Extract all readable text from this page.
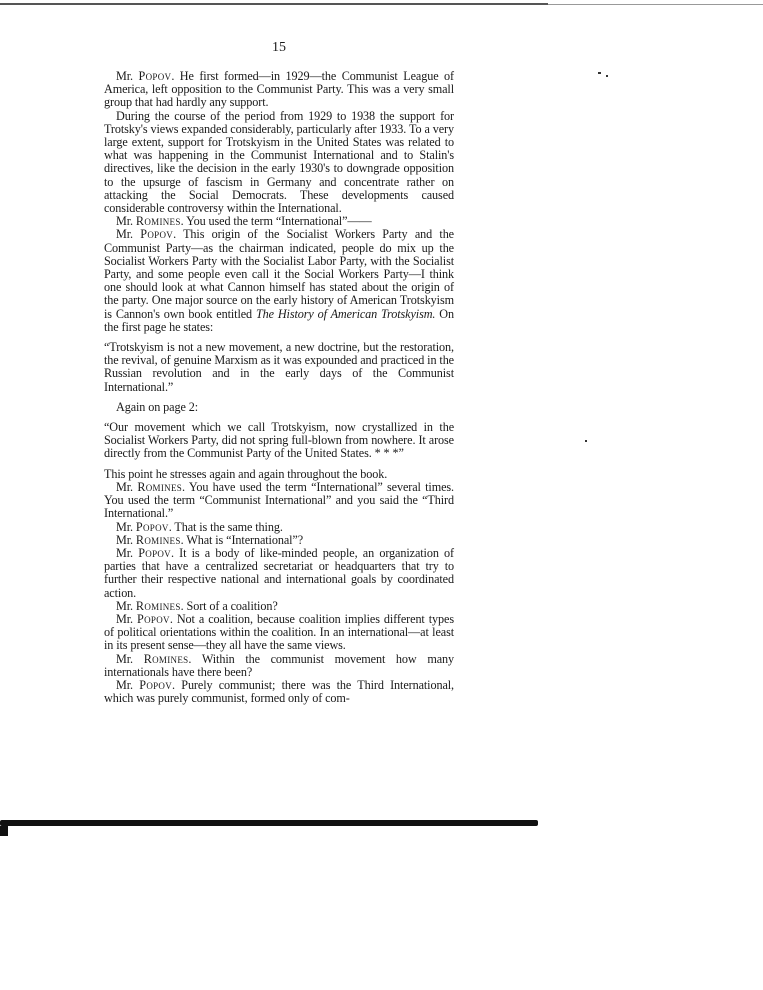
15

Mr. Popov. He first formed—in 1929—the Communist League of America, left opposition to the Communist Party. This was a very small group that had hardly any support.

During the course of the period from 1929 to 1938 the support for Trotsky's views expanded considerably, particularly after 1933. To a very large extent, support for Trotskyism in the United States was related to what was happening in the Communist International and to Stalin's directives, like the decision in the early 1930's to downgrade opposition to the upsurge of fascism in Germany and concentrate rather on attacking the Social Democrats. These developments caused considerable controversy within the International.

Mr. Romines. You used the term “International”——

Mr. Popov. This origin of the Socialist Workers Party and the Communist Party—as the chairman indicated, people do mix up the Socialist Workers Party with the Socialist Labor Party, with the Socialist Party, and some people even call it the Social Workers Party—I think one should look at what Cannon himself has stated about the origin of the party. One major source on the early history of American Trotskyism is Cannon's own book entitled The History of American Trotskyism. On the first page he states:

“Trotskyism is not a new movement, a new doctrine, but the restoration, the revival, of genuine Marxism as it was expounded and practiced in the Russian revolution and in the early days of the Communist International.”

Again on page 2:

“Our movement which we call Trotskyism, now crystallized in the Socialist Workers Party, did not spring full-blown from nowhere. It arose directly from the Communist Party of the United States. * * *”

This point he stresses again and again throughout the book.

Mr. Romines. You have used the term “International” several times. You used the term “Communist International” and you said the “Third International.”

Mr. Popov. That is the same thing.

Mr. Romines. What is “International”?

Mr. Popov. It is a body of like-minded people, an organization of parties that have a centralized secretariat or headquarters that try to further their respective national and international goals by coordinated action.

Mr. Romines. Sort of a coalition?

Mr. Popov. Not a coalition, because coalition implies different types of political orientations within the coalition. In an international—at least in its present sense—they all have the same views.

Mr. Romines. Within the communist movement how many internationals have there been?

Mr. Popov. Purely communist; there was the Third International, which was purely communist, formed only of com-
